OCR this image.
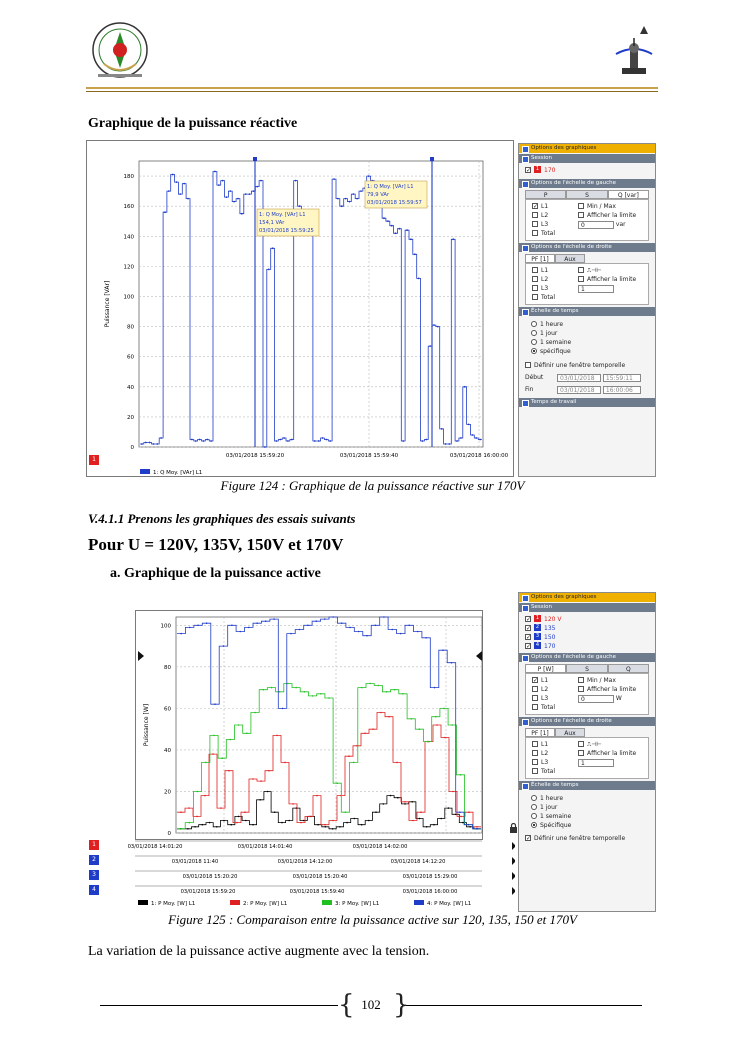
Graphique de la puissance réactive
0
20
40
60
80
100
120
140
160
180
03/01/2018 15:59:20	03/01/2018 15:59:40	03/01/2018 16:00:00
Puissance [VAr]
1: Q Moy. [VAr] L1
154,1 VAr
03/01/2018 15:59:25
1: Q Moy. [VAr] L1
79,9 VAr
03/01/2018 15:59:57
1: Q Moy. [VAr] L1
1
Options des graphiques
Session
✓ 1 170
Options de l'échelle de gauche
P	S	Q [var]
✓ L1	Min / Max
L2	Afficher la limite
L3	0	var
Total
Options de l'échelle de droite
PF [1]	Aux
L1	⎍⊣⊢
L2	Afficher la limite
L3	1
Total
Échelle de temps
1 heure
1 jour
1 semaine
spécifique
Définir une fenêtre temporelle
Début	03/01/2018 15:59:11
Fin	03/01/2018 16:00:06
Temps de travail
Figure 124 : Graphique de la puissance réactive sur 170V
V.4.1.1 Prenons les graphiques des essais suivants
Pour U = 120V, 135V, 150V et 170V
a. Graphique de la puissance active
0
20
40
60
80
100
Puissance [W]
03/01/2018 14:01:20	03/01/2018 14:01:40	03/01/2018 14:02:00
03/01/2018 11:40	03/01/2018 14:12:00	03/01/2018 14:12:20
03/01/2018 15:20:20	03/01/2018 15:20:40	03/01/2018 15:29:00
03/01/2018 15:59:20	03/01/2018 15:59:40	03/01/2018 16:00:00
1: P Moy. [W] L1	2: P Moy. [W] L1	3: P Moy. [W] L1	4: P Moy. [W] L1
1
2
3
4
Options des graphiques
Session
✓ 1 120 V
✓ 2 135
✓ 3 150
✓ 4 170
Options de l'échelle de gauche
P [W]	S	Q
✓ L1	Min / Max
L2	Afficher la limite
L3	0	W
Total
Options de l'échelle de droite
PF [1]	Aux
L1	⎍⊣⊢
L2	Afficher la limite
L3	1
Total
Échelle de temps
1 heure
1 jour
1 semaine
Spécifique
✓ Définir une fenêtre temporelle
Figure 125 : Comparaison entre la puissance active sur 120, 135, 150 et 170V
La variation de la puissance active augmente avec la tension.
{ }
102
